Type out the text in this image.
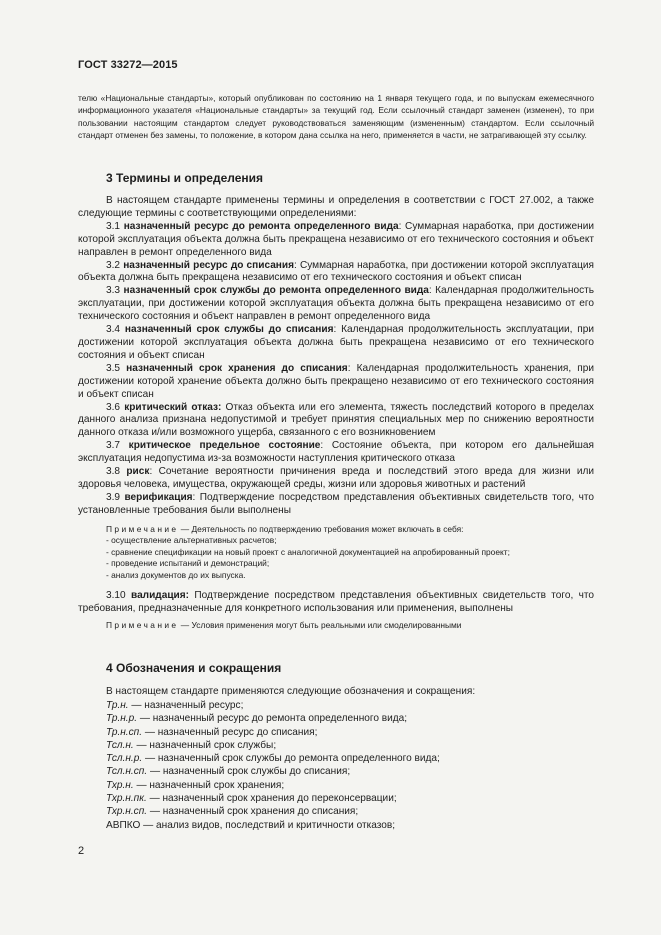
ГОСТ 33272—2015

телю «Национальные стандарты», который опубликован по состоянию на 1 января текущего года, и по выпускам ежемесячного информационного указателя «Национальные стандарты» за текущий год. Если ссылочный стандарт заменен (изменен), то при пользовании настоящим стандартом следует руководствоваться заменяющим (измененным) стандартом. Если ссылочный стандарт отменен без замены, то положение, в котором дана ссылка на него, применяется в части, не затрагивающей эту ссылку.

3 Термины и определения

В настоящем стандарте применены термины и определения в соответствии с ГОСТ 27.002, а также следующие термины с соответствующими определениями:

3.1 назначенный ресурс до ремонта определенного вида: Суммарная наработка, при достижении которой эксплуатация объекта должна быть прекращена независимо от его технического состояния и объект направлен в ремонт определенного вида

3.2 назначенный ресурс до списания: Суммарная наработка, при достижении которой эксплуатация объекта должна быть прекращена независимо от его технического состояния и объект списан

3.3 назначенный срок службы до ремонта определенного вида: Календарная продолжительность эксплуатации, при достижении которой эксплуатация объекта должна быть прекращена независимо от его технического состояния и объект направлен в ремонт определенного вида

3.4 назначенный срок службы до списания: Календарная продолжительность эксплуатации, при достижении которой эксплуатация объекта должна быть прекращена независимо от его технического состояния и объект списан

3.5 назначенный срок хранения до списания: Календарная продолжительность хранения, при достижении которой хранение объекта должно быть прекращено независимо от его технического состояния и объект списан

3.6 критический отказ: Отказ объекта или его элемента, тяжесть последствий которого в пределах данного анализа признана недопустимой и требует принятия специальных мер по снижению вероятности данного отказа и/или возможного ущерба, связанного с его возникновением

3.7 критическое предельное состояние: Состояние объекта, при котором его дальнейшая эксплуатация недопустима из-за возможности наступления критического отказа

3.8 риск: Сочетание вероятности причинения вреда и последствий этого вреда для жизни или здоровья человека, имущества, окружающей среды, жизни или здоровья животных и растений

3.9 верификация: Подтверждение посредством представления объективных свидетельств того, что установленные требования были выполнены

Примечание — Деятельность по подтверждению требования может включать в себя:

- осуществление альтернативных расчетов;

- сравнение спецификации на новый проект с аналогичной документацией на апробированный проект;

- проведение испытаний и демонстраций;

- анализ документов до их выпуска.

3.10 валидация: Подтверждение посредством представления объективных свидетельств того, что требования, предназначенные для конкретного использования или применения, выполнены

Примечание — Условия применения могут быть реальными или смоделированными

4 Обозначения и сокращения

В настоящем стандарте применяются следующие обозначения и сокращения:

Тр.н. — назначенный ресурс;

Тр.н.р. — назначенный ресурс до ремонта определенного вида;

Тр.н.сп. — назначенный ресурс до списания;

Тсл.н. — назначенный срок службы;

Тсл.н.р. — назначенный срок службы до ремонта определенного вида;

Тсл.н.сп. — назначенный срок службы до списания;

Тхр.н. — назначенный срок хранения;

Тхр.н.пк. — назначенный срок хранения до переконсервации;

Тхр.н.сп. — назначенный срок хранения до списания;

АВПКО — анализ видов, последствий и критичности отказов;

2
